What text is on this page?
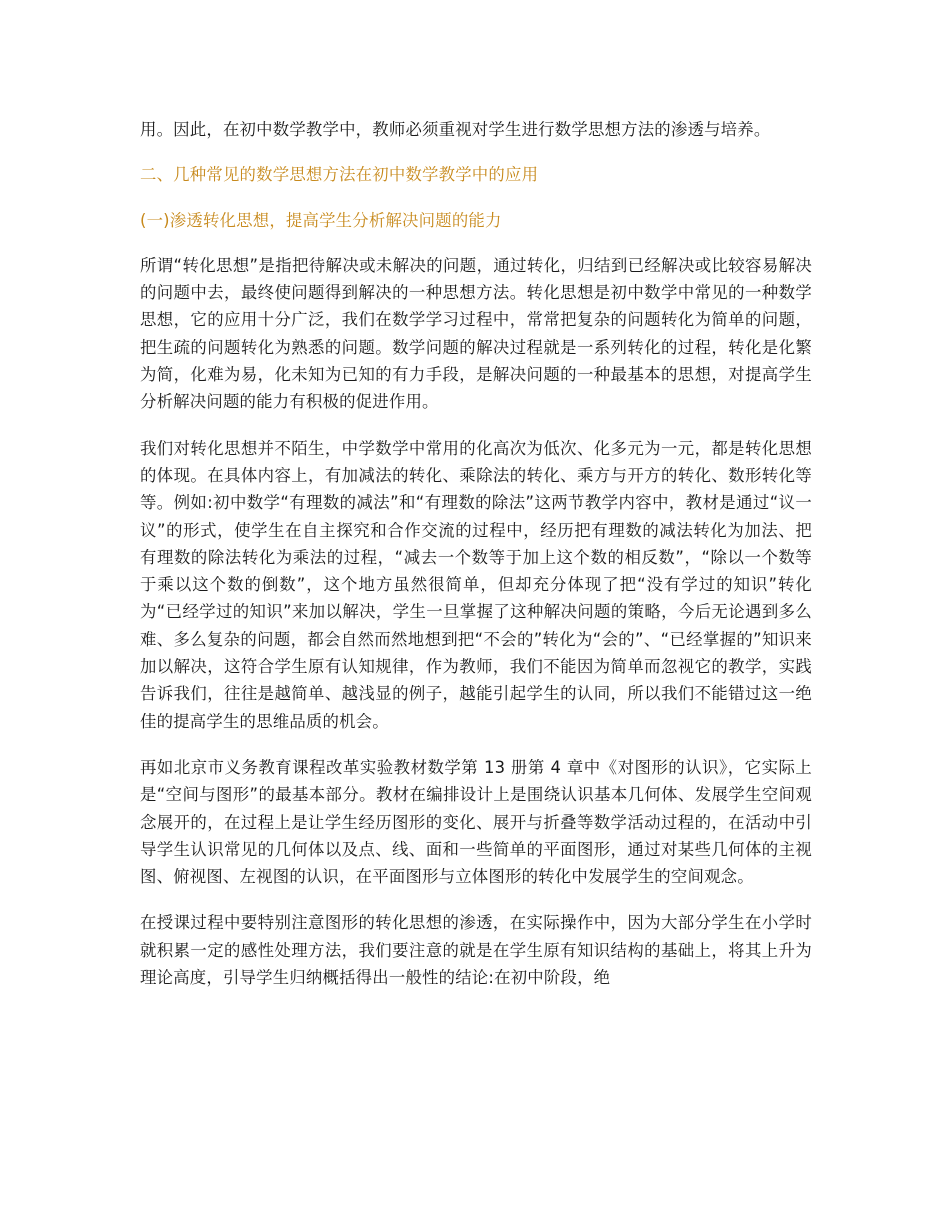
用。因此，在初中数学教学中，教师必须重视对学生进行数学思想方法的渗透与培养。

二、几种常见的数学思想方法在初中数学教学中的应用

(一)渗透转化思想，提高学生分析解决问题的能力

所谓“转化思想”是指把待解决或未解决的问题，通过转化，归结到已经解决或比较容易解决的问题中去，最终使问题得到解决的一种思想方法。转化思想是初中数学中常见的一种数学思想，它的应用十分广泛，我们在数学学习过程中，常常把复杂的问题转化为简单的问题，把生疏的问题转化为熟悉的问题。数学问题的解决过程就是一系列转化的过程，转化是化繁为简，化难为易，化未知为已知的有力手段，是解决问题的一种最基本的思想，对提高学生分析解决问题的能力有积极的促进作用。

我们对转化思想并不陌生，中学数学中常用的化高次为低次、化多元为一元，都是转化思想的体现。在具体内容上，有加减法的转化、乘除法的转化、乘方与开方的转化、数形转化等等。例如:初中数学“有理数的减法”和“有理数的除法”这两节教学内容中，教材是通过“议一议”的形式，使学生在自主探究和合作交流的过程中，经历把有理数的减法转化为加法、把有理数的除法转化为乘法的过程，“减去一个数等于加上这个数的相反数”，“除以一个数等于乘以这个数的倒数”，这个地方虽然很简单，但却充分体现了把“没有学过的知识”转化为“已经学过的知识”来加以解决，学生一旦掌握了这种解决问题的策略，今后无论遇到多么难、多么复杂的问题，都会自然而然地想到把“不会的”转化为“会的”、“已经掌握的”知识来加以解决，这符合学生原有认知规律，作为教师，我们不能因为简单而忽视它的教学，实践告诉我们，往往是越简单、越浅显的例子，越能引起学生的认同，所以我们不能错过这一绝佳的提高学生的思维品质的机会。

再如北京市义务教育课程改革实验教材数学第 13 册第 4 章中《对图形的认识》，它实际上是“空间与图形”的最基本部分。教材在编排设计上是围绕认识基本几何体、发展学生空间观念展开的，在过程上是让学生经历图形的变化、展开与折叠等数学活动过程的，在活动中引导学生认识常见的几何体以及点、线、面和一些简单的平面图形，通过对某些几何体的主视图、俯视图、左视图的认识，在平面图形与立体图形的转化中发展学生的空间观念。

在授课过程中要特别注意图形的转化思想的渗透，在实际操作中，因为大部分学生在小学时就积累一定的感性处理方法，我们要注意的就是在学生原有知识结构的基础上，将其上升为理论高度，引导学生归纳概括得出一般性的结论:在初中阶段，绝
